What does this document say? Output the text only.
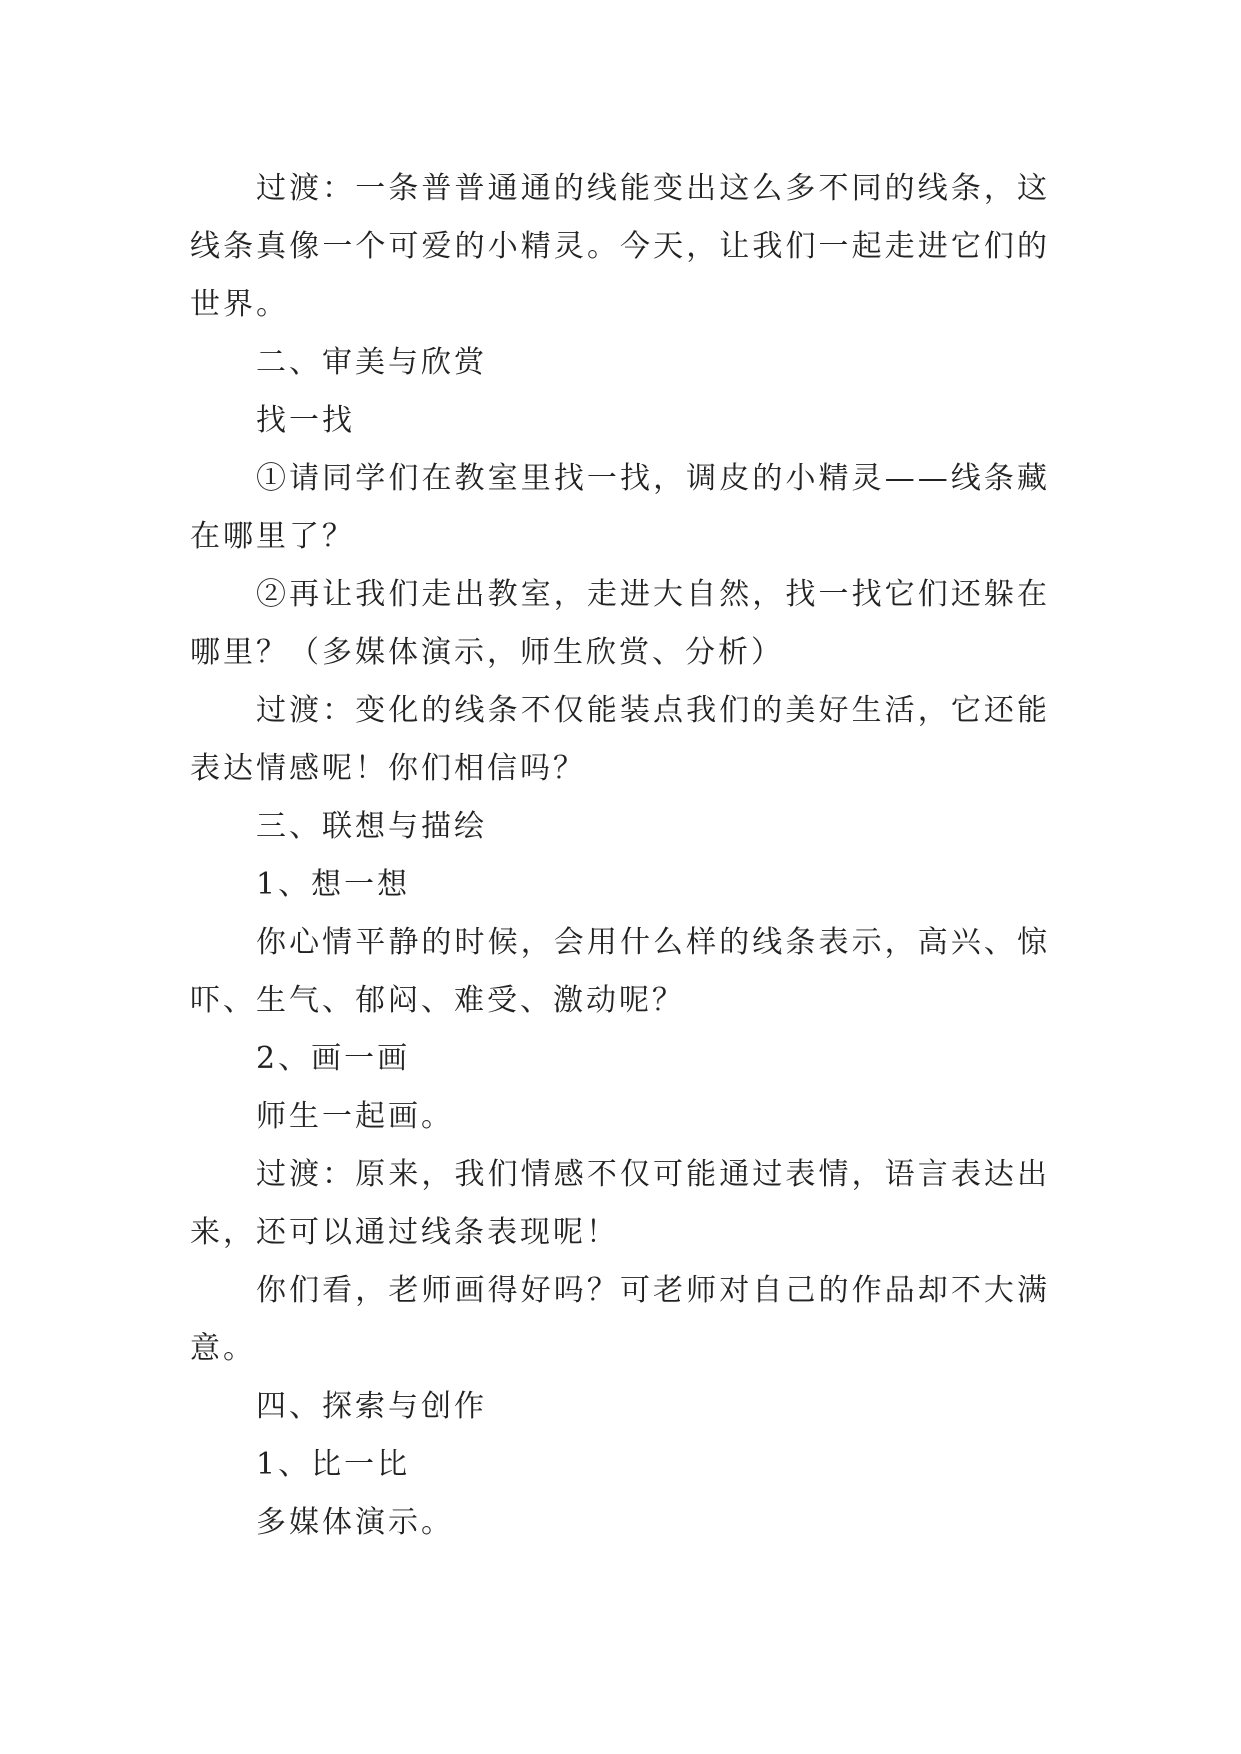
过渡：一条普普通通的线能变出这么多不同的线条，这线条真像一个可爱的小精灵。今天，让我们一起走进它们的世界。

二、审美与欣赏

找一找

①请同学们在教室里找一找，调皮的小精灵——线条藏在哪里了？

②再让我们走出教室，走进大自然，找一找它们还躲在哪里？（多媒体演示，师生欣赏、分析）

过渡：变化的线条不仅能装点我们的美好生活，它还能表达情感呢！你们相信吗？

三、联想与描绘

1、想一想

你心情平静的时候，会用什么样的线条表示，高兴、惊吓、生气、郁闷、难受、激动呢？

2、画一画

师生一起画。

过渡：原来，我们情感不仅可能通过表情，语言表达出来，还可以通过线条表现呢！

你们看，老师画得好吗？可老师对自己的作品却不大满意。

四、探索与创作

1、比一比

多媒体演示。
